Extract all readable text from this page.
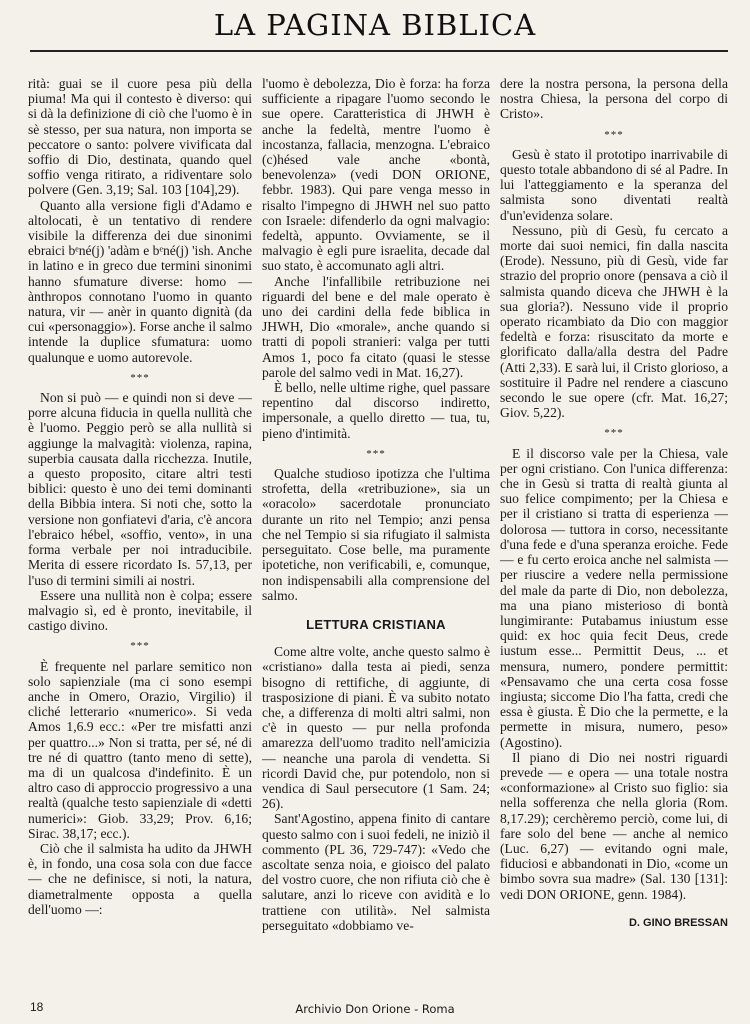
LA PAGINA BIBLICA

rità: guai se il cuore pesa più della piuma! Ma qui il contesto è diverso: qui si dà la definizione di ciò che l'uomo è in sè stesso, per sua natura, non importa se peccatore o santo: polvere vivificata dal soffio di Dio, destinata, quando quel soffio venga ritirato, a ridiventare solo polvere (Gen. 3,19; Sal. 103 [104],29).

Quanto alla versione figli d'Adamo e altolocati, è un tentativo di rendere visibile la differenza dei due sinonimi ebraici bᵉné(j) 'adàm e bᵉné(j) 'ish. Anche in latino e in greco due termini sinonimi hanno sfumature diverse: homo — ànthropos connotano l'uomo in quanto natura, vir — anèr in quanto dignità (da cui «personaggio»). Forse anche il salmo intende la duplice sfumatura: uomo qualunque e uomo autorevole.

***

Non si può — e quindi non si deve — porre alcuna fiducia in quella nullità che è l'uomo. Peggio però se alla nullità si aggiunge la malvagità: violenza, rapina, superbia causata dalla ricchezza. Inutile, a questo proposito, citare altri testi biblici: questo è uno dei temi dominanti della Bibbia intera. Si noti che, sotto la versione non gonfiatevi d'aria, c'è ancora l'ebraico hébel, «soffio, vento», in una forma verbale per noi intraducibile. Merita di essere ricordato Is. 57,13, per l'uso di termini simili ai nostri.

Essere una nullità non è colpa; essere malvagio sì, ed è pronto, inevitabile, il castigo divino.

***

È frequente nel parlare semitico non solo sapienziale (ma ci sono esempi anche in Omero, Orazio, Virgilio) il cliché letterario «numerico». Si veda Amos 1,6.9 ecc.: «Per tre misfatti anzi per quattro...» Non si tratta, per sé, né di tre né di quattro (tanto meno di sette), ma di un qualcosa d'indefinito. È un altro caso di approccio progressivo a una realtà (qualche testo sapienziale di «detti numerici»: Giob. 33,29; Prov. 6,16; Sirac. 38,17; ecc.).

Ciò che il salmista ha udito da JHWH è, in fondo, una cosa sola con due facce — che ne definisce, si noti, la natura, diametralmente opposta a quella dell'uomo —:

l'uomo è debolezza, Dio è forza: ha forza sufficiente a ripagare l'uomo secondo le sue opere. Caratteristica di JHWH è anche la fedeltà, mentre l'uomo è incostanza, fallacia, menzogna. L'ebraico (c)hésed vale anche «bontà, benevolenza» (vedi DON ORIONE, febbr. 1983). Qui pare venga messo in risalto l'impegno di JHWH nel suo patto con Israele: difenderlo da ogni malvagio: fedeltà, appunto. Ovviamente, se il malvagio è egli pure israelita, decade dal suo stato, è accomunato agli altri.

Anche l'infallibile retribuzione nei riguardi del bene e del male operato è uno dei cardini della fede biblica in JHWH, Dio «morale», anche quando si tratti di popoli stranieri: valga per tutti Amos 1, poco fa citato (quasi le stesse parole del salmo vedi in Mat. 16,27).

È bello, nelle ultime righe, quel passare repentino dal discorso indiretto, impersonale, a quello diretto — tua, tu, pieno d'intimità.

***

Qualche studioso ipotizza che l'ultima strofetta, della «retribuzione», sia un «oracolo» sacerdotale pronunciato durante un rito nel Tempio; anzi pensa che nel Tempio si sia rifugiato il salmista perseguitato. Cose belle, ma puramente ipotetiche, non verificabili, e, comunque, non indispensabili alla comprensione del salmo.

LETTURA CRISTIANA

Come altre volte, anche questo salmo è «cristiano» dalla testa ai piedi, senza bisogno di rettifiche, di aggiunte, di trasposizione di piani. È va subito notato che, a differenza di molti altri salmi, non c'è in questo — pur nella profonda amarezza dell'uomo tradito nell'amicizia — neanche una parola di vendetta. Si ricordi David che, pur potendolo, non si vendica di Saul persecutore (1 Sam. 24; 26).

Sant'Agostino, appena finito di cantare questo salmo con i suoi fedeli, ne iniziò il commento (PL 36, 729-747): «Vedo che ascoltate senza noia, e gioisco del palato del vostro cuore, che non rifiuta ciò che è salutare, anzi lo riceve con avidità e lo trattiene con utilità». Nel salmista perseguitato «dobbiamo ve-

dere la nostra persona, la persona della nostra Chiesa, la persona del corpo di Cristo».

***

Gesù è stato il prototipo inarrivabile di questo totale abbandono di sé al Padre. In lui l'atteggiamento e la speranza del salmista sono diventati realtà d'un'evidenza solare.

Nessuno, più di Gesù, fu cercato a morte dai suoi nemici, fin dalla nascita (Erode). Nessuno, più di Gesù, vide far strazio del proprio onore (pensava a ciò il salmista quando diceva che JHWH è la sua gloria?). Nessuno vide il proprio operato ricambiato da Dio con maggior fedeltà e forza: risuscitato da morte e glorificato dalla/alla destra del Padre (Atti 2,33). E sarà lui, il Cristo glorioso, a sostituire il Padre nel rendere a ciascuno secondo le sue opere (cfr. Mat. 16,27; Giov. 5,22).

***

E il discorso vale per la Chiesa, vale per ogni cristiano. Con l'unica differenza: che in Gesù si tratta di realtà giunta al suo felice compimento; per la Chiesa e per il cristiano si tratta di esperienza — dolorosa — tuttora in corso, necessitante d'una fede e d'una speranza eroiche. Fede — e fu certo eroica anche nel salmista — per riuscire a vedere nella permissione del male da parte di Dio, non debolezza, ma una piano misterioso di bontà lungimirante: Putabamus iniustum esse quid: ex hoc quia fecit Deus, crede iustum esse... Permittit Deus, ... et mensura, numero, pondere permittit: «Pensavamo che una certa cosa fosse ingiusta; siccome Dio l'ha fatta, credi che essa è giusta. È Dio che la permette, e la permette in misura, numero, peso» (Agostino).

Il piano di Dio nei nostri riguardi prevede — e opera — una totale nostra «conformazione» al Cristo suo figlio: sia nella sofferenza che nella gloria (Rom. 8,17.29); cerchèremo perciò, come lui, di fare solo del bene — anche al nemico (Luc. 6,27) — evitando ogni male, fiduciosi e abbandonati in Dio, «come un bimbo sovra sua madre» (Sal. 130 [131]: vedi DON ORIONE, genn. 1984).

D. GINO BRESSAN
18	Archivio Don Orione - Roma
